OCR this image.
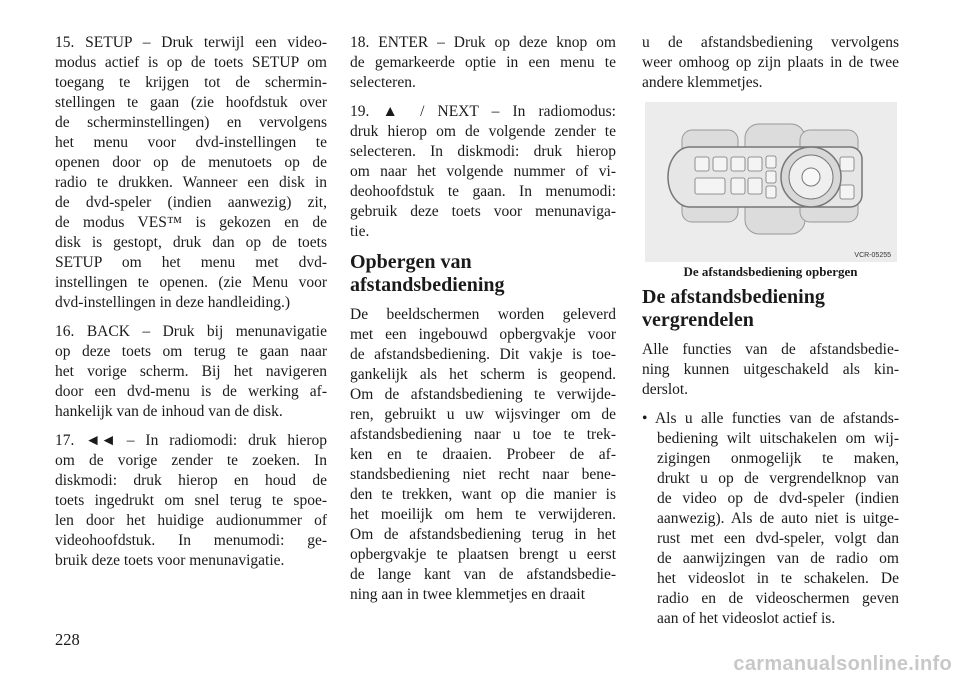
15. SETUP – Druk terwijl een video-
modus actief is op de toets SETUP om
toegang te krijgen tot de schermin-
stellingen te gaan (zie hoofdstuk over
de scherminstellingen) en vervolgens
het menu voor dvd-instellingen te
openen door op de menutoets op de
radio te drukken. Wanneer een disk in
de dvd-speler (indien aanwezig) zit,
de modus VES™ is gekozen en de
disk is gestopt, druk dan op de toets
SETUP om het menu met dvd-
instellingen te openen. (zie Menu voor
dvd-instellingen in deze handleiding.)
16. BACK – Druk bij menunavigatie
op deze toets om terug te gaan naar
het vorige scherm. Bij het navigeren
door een dvd-menu is de werking af-
hankelijk van de inhoud van de disk.
17. ◄◄ – In radiomodi: druk hierop
om de vorige zender te zoeken. In
diskmodi: druk hierop en houd de
toets ingedrukt om snel terug te spoe-
len door het huidige audionummer of
videohoofdstuk. In menumodi: ge-
bruik deze toets voor menunavigatie.
18. ENTER – Druk op deze knop om
de gemarkeerde optie in een menu te
selecteren.
19. ▲ / NEXT – In radiomodus:
druk hierop om de volgende zender te
selecteren. In diskmodi: druk hierop
om naar het volgende nummer of vi-
deohoofdstuk te gaan. In menumodi:
gebruik deze toets voor menunaviga-
tie.
Opbergen van
afstandsbediening
De beeldschermen worden geleverd
met een ingebouwd opbergvakje voor
de afstandsbediening. Dit vakje is toe-
gankelijk als het scherm is geopend.
Om de afstandsbediening te verwijde-
ren, gebruikt u uw wijsvinger om de
afstandsbediening naar u toe te trek-
ken en te draaien. Probeer de af-
standsbediening niet recht naar bene-
den te trekken, want op die manier is
het moeilijk om hem te verwijderen.
Om de afstandsbediening terug in het
opbergvakje te plaatsen brengt u eerst
de lange kant van de afstandsbedie-
ning aan in twee klemmetjes en draait
u de afstandsbediening vervolgens
weer omhoog op zijn plaats in de twee
andere klemmetjes.
VCR-05255
De afstandsbediening opbergen
De afstandsbediening
vergrendelen
Alle functies van de afstandsbedie-
ning kunnen uitgeschakeld als kin-
derslot.
• Als u alle functies van de afstands-
bediening wilt uitschakelen om wij-
zigingen onmogelijk te maken,
drukt u op de vergrendelknop van
de video op de dvd-speler (indien
aanwezig). Als de auto niet is uitge-
rust met een dvd-speler, volgt dan
de aanwijzingen van de radio om
het videoslot in te schakelen. De
radio en de videoschermen geven
aan of het videoslot actief is.
228
carmanualsonline.info
